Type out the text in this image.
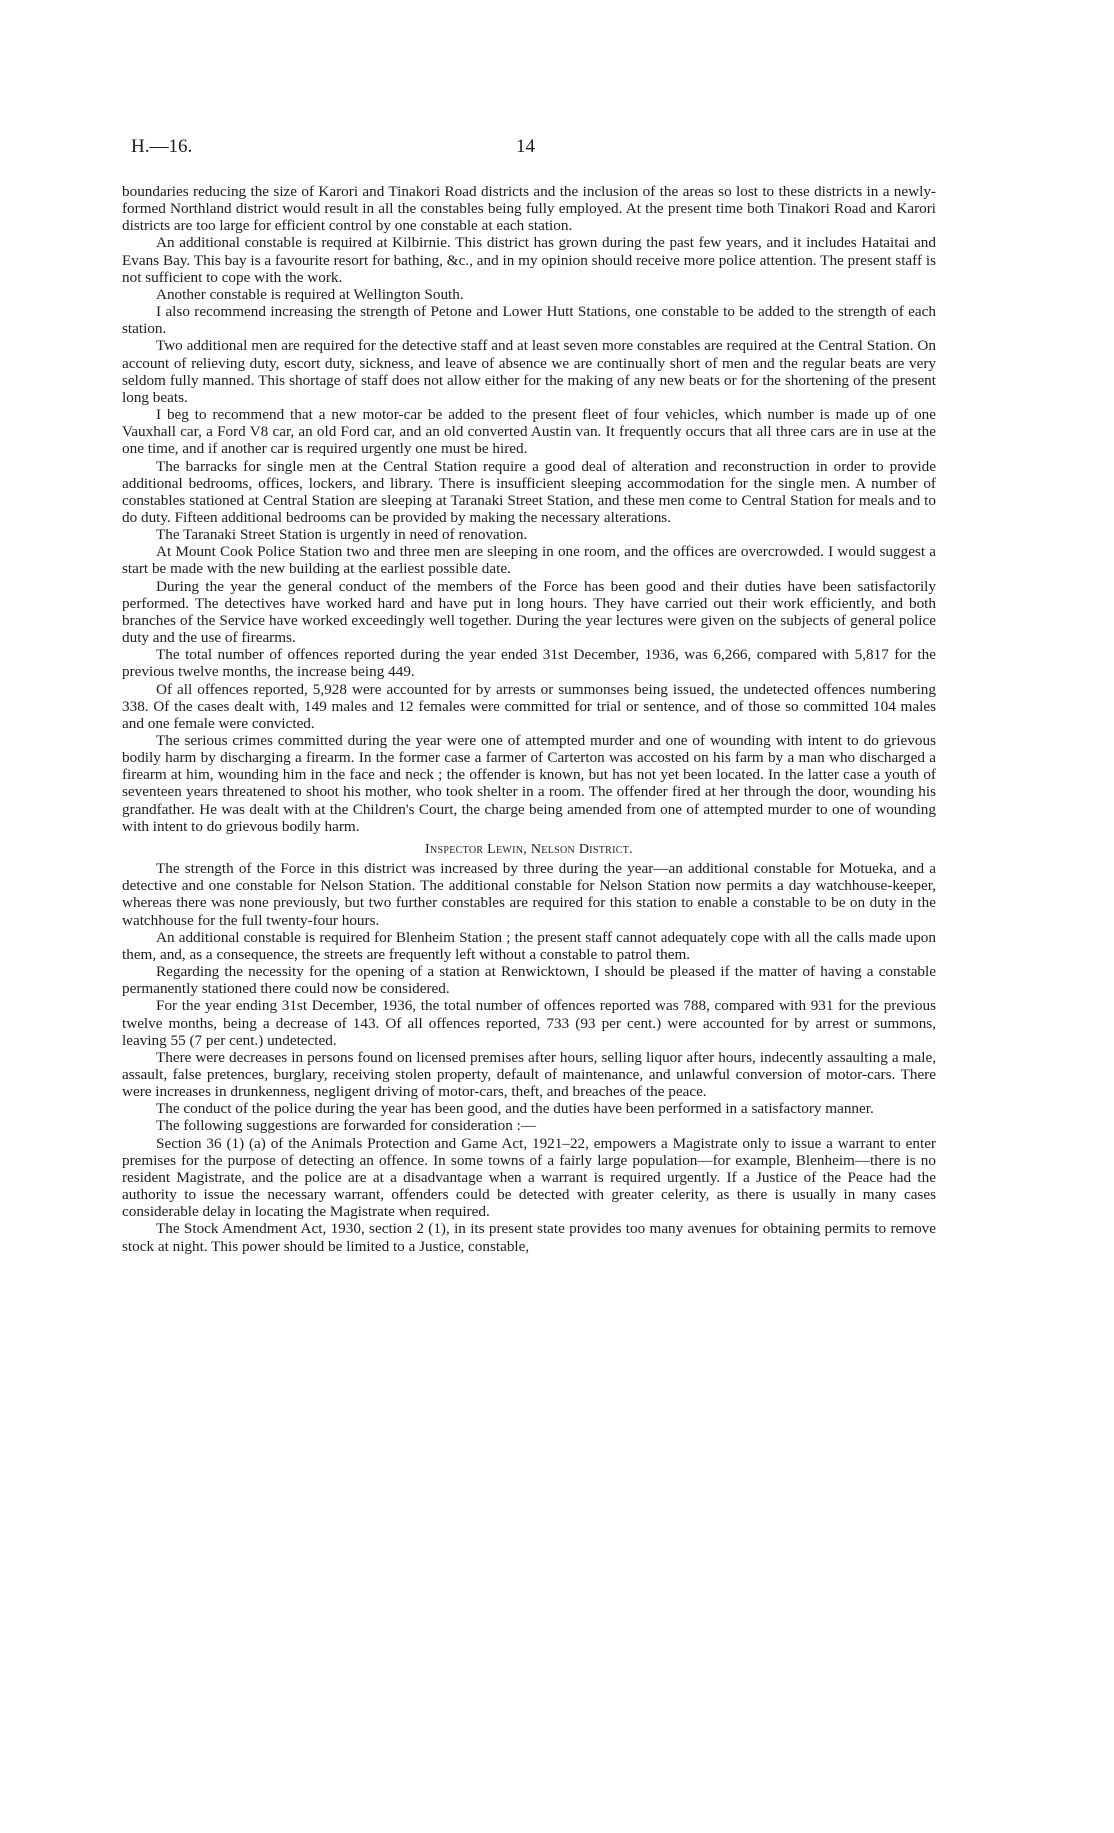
H.—16.	14

boundaries reducing the size of Karori and Tinakori Road districts and the inclusion of the areas so lost to these districts in a newly-formed Northland district would result in all the constables being fully employed. At the present time both Tinakori Road and Karori districts are too large for efficient control by one constable at each station.

An additional constable is required at Kilbirnie. This district has grown during the past few years, and it includes Hataitai and Evans Bay. This bay is a favourite resort for bathing, &c., and in my opinion should receive more police attention. The present staff is not sufficient to cope with the work.

Another constable is required at Wellington South.

I also recommend increasing the strength of Petone and Lower Hutt Stations, one constable to be added to the strength of each station.

Two additional men are required for the detective staff and at least seven more constables are required at the Central Station. On account of relieving duty, escort duty, sickness, and leave of absence we are continually short of men and the regular beats are very seldom fully manned. This shortage of staff does not allow either for the making of any new beats or for the shortening of the present long beats.

I beg to recommend that a new motor-car be added to the present fleet of four vehicles, which number is made up of one Vauxhall car, a Ford V8 car, an old Ford car, and an old converted Austin van. It frequently occurs that all three cars are in use at the one time, and if another car is required urgently one must be hired.

The barracks for single men at the Central Station require a good deal of alteration and reconstruction in order to provide additional bedrooms, offices, lockers, and library. There is insufficient sleeping accommodation for the single men. A number of constables stationed at Central Station are sleeping at Taranaki Street Station, and these men come to Central Station for meals and to do duty. Fifteen additional bedrooms can be provided by making the necessary alterations.

The Taranaki Street Station is urgently in need of renovation.

At Mount Cook Police Station two and three men are sleeping in one room, and the offices are overcrowded. I would suggest a start be made with the new building at the earliest possible date.

During the year the general conduct of the members of the Force has been good and their duties have been satisfactorily performed. The detectives have worked hard and have put in long hours. They have carried out their work efficiently, and both branches of the Service have worked exceedingly well together. During the year lectures were given on the subjects of general police duty and the use of firearms.

The total number of offences reported during the year ended 31st December, 1936, was 6,266, compared with 5,817 for the previous twelve months, the increase being 449.

Of all offences reported, 5,928 were accounted for by arrests or summonses being issued, the undetected offences numbering 338. Of the cases dealt with, 149 males and 12 females were committed for trial or sentence, and of those so committed 104 males and one female were convicted.

The serious crimes committed during the year were one of attempted murder and one of wounding with intent to do grievous bodily harm by discharging a firearm. In the former case a farmer of Carterton was accosted on his farm by a man who discharged a firearm at him, wounding him in the face and neck ; the offender is known, but has not yet been located. In the latter case a youth of seventeen years threatened to shoot his mother, who took shelter in a room. The offender fired at her through the door, wounding his grandfather. He was dealt with at the Children's Court, the charge being amended from one of attempted murder to one of wounding with intent to do grievous bodily harm.

Inspector Lewin, Nelson District.

The strength of the Force in this district was increased by three during the year—an additional constable for Motueka, and a detective and one constable for Nelson Station. The additional constable for Nelson Station now permits a day watchhouse-keeper, whereas there was none previously, but two further constables are required for this station to enable a constable to be on duty in the watchhouse for the full twenty-four hours.

An additional constable is required for Blenheim Station ; the present staff cannot adequately cope with all the calls made upon them, and, as a consequence, the streets are frequently left without a constable to patrol them.

Regarding the necessity for the opening of a station at Renwicktown, I should be pleased if the matter of having a constable permanently stationed there could now be considered.

For the year ending 31st December, 1936, the total number of offences reported was 788, compared with 931 for the previous twelve months, being a decrease of 143. Of all offences reported, 733 (93 per cent.) were accounted for by arrest or summons, leaving 55 (7 per cent.) undetected.

There were decreases in persons found on licensed premises after hours, selling liquor after hours, indecently assaulting a male, assault, false pretences, burglary, receiving stolen property, default of maintenance, and unlawful conversion of motor-cars. There were increases in drunkenness, negligent driving of motor-cars, theft, and breaches of the peace.

The conduct of the police during the year has been good, and the duties have been performed in a satisfactory manner.

The following suggestions are forwarded for consideration :—

Section 36 (1) (a) of the Animals Protection and Game Act, 1921–22, empowers a Magistrate only to issue a warrant to enter premises for the purpose of detecting an offence. In some towns of a fairly large population—for example, Blenheim—there is no resident Magistrate, and the police are at a disadvantage when a warrant is required urgently. If a Justice of the Peace had the authority to issue the necessary warrant, offenders could be detected with greater celerity, as there is usually in many cases considerable delay in locating the Magistrate when required.

The Stock Amendment Act, 1930, section 2 (1), in its present state provides too many avenues for obtaining permits to remove stock at night. This power should be limited to a Justice, constable,
